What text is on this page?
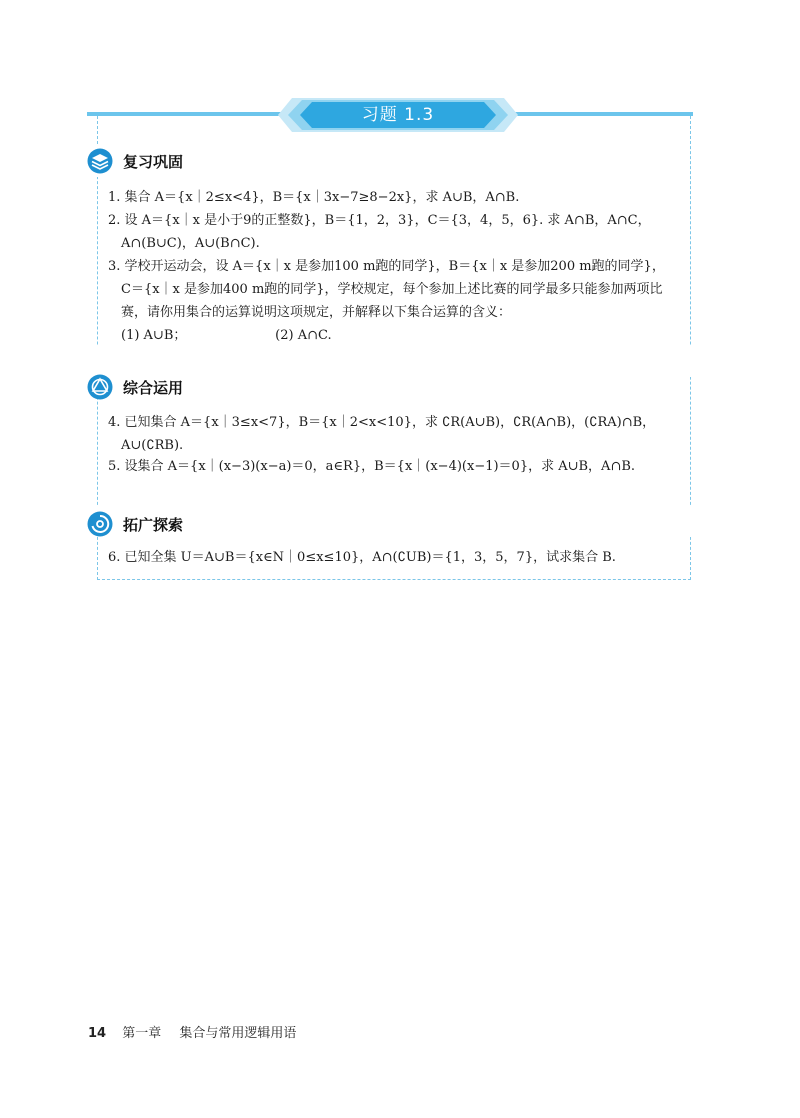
习题 1.3
复习巩固
1. 集合 A＝{x｜2≤x<4}，B＝{x｜3x−7≥8−2x}，求 A∪B，A∩B.
2. 设 A＝{x｜x 是小于9的正整数}，B＝{1，2，3}，C＝{3，4，5，6}. 求 A∩B，A∩C，
A∩(B∪C)，A∪(B∩C).
3. 学校开运动会，设 A＝{x｜x 是参加100 m跑的同学}，B＝{x｜x 是参加200 m跑的同学}，
C＝{x｜x 是参加400 m跑的同学}，学校规定，每个参加上述比赛的同学最多只能参加两项比
赛，请你用集合的运算说明这项规定，并解释以下集合运算的含义：
(1) A∪B；	(2) A∩C.
综合运用
4. 已知集合 A＝{x｜3≤x<7}，B＝{x｜2<x<10}，求 ∁R(A∪B)，∁R(A∩B)，(∁RA)∩B，
A∪(∁RB).
5. 设集合 A＝{x｜(x−3)(x−a)＝0，a∈R}，B＝{x｜(x−4)(x−1)＝0}，求 A∪B，A∩B.
拓广探索
6. 已知全集 U＝A∪B＝{x∈N｜0≤x≤10}，A∩(∁UB)＝{1，3，5，7}，试求集合 B.
14 第一章 集合与常用逻辑用语
